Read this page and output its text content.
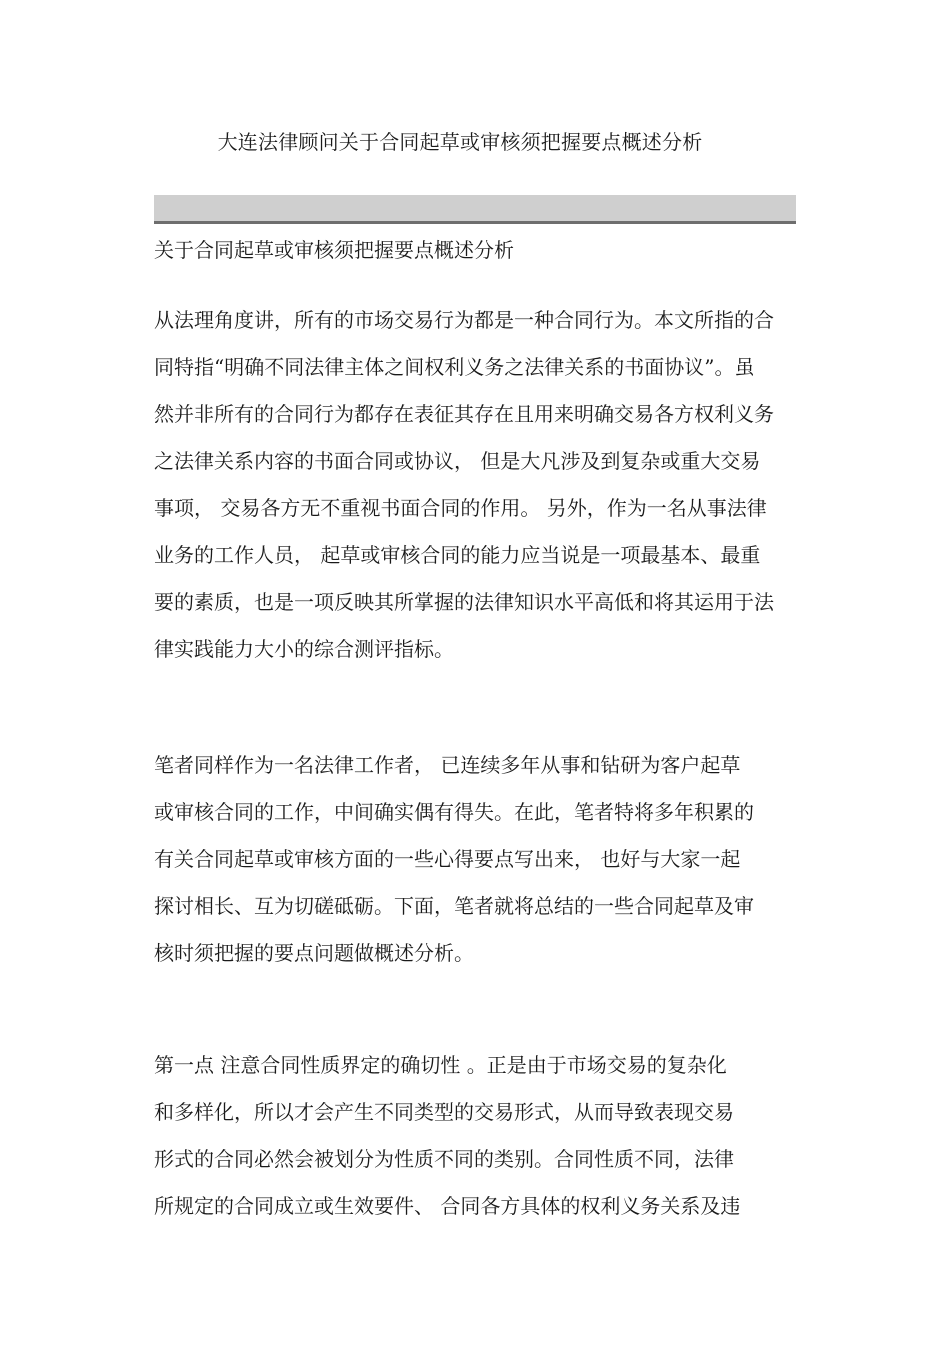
大连法律顾问关于合同起草或审核须把握要点概述分析
关于合同起草或审核须把握要点概述分析

从法理角度讲，所有的市场交易行为都是一种合同行为。本文所指的合
同特指“明确不同法律主体之间权利义务之法律关系的书面协议”。虽
然并非所有的合同行为都存在表征其存在且用来明确交易各方权利义务
之法律关系内容的书面合同或协议， 但是大凡涉及到复杂或重大交易
事项， 交易各方无不重视书面合同的作用。 另外，作为一名从事法律
业务的工作人员， 起草或审核合同的能力应当说是一项最基本、最重
要的素质，也是一项反映其所掌握的法律知识水平高低和将其运用于法
律实践能力大小的综合测评指标。

笔者同样作为一名法律工作者， 已连续多年从事和钻研为客户起草
或审核合同的工作，中间确实偶有得失。在此，笔者特将多年积累的
有关合同起草或审核方面的一些心得要点写出来， 也好与大家一起
探讨相长、互为切磋砥砺。下面，笔者就将总结的一些合同起草及审
核时须把握的要点问题做概述分析。

第一点 注意合同性质界定的确切性 。正是由于市场交易的复杂化
和多样化，所以才会产生不同类型的交易形式，从而导致表现交易
形式的合同必然会被划分为性质不同的类别。合同性质不同，法律
所规定的合同成立或生效要件、 合同各方具体的权利义务关系及违
